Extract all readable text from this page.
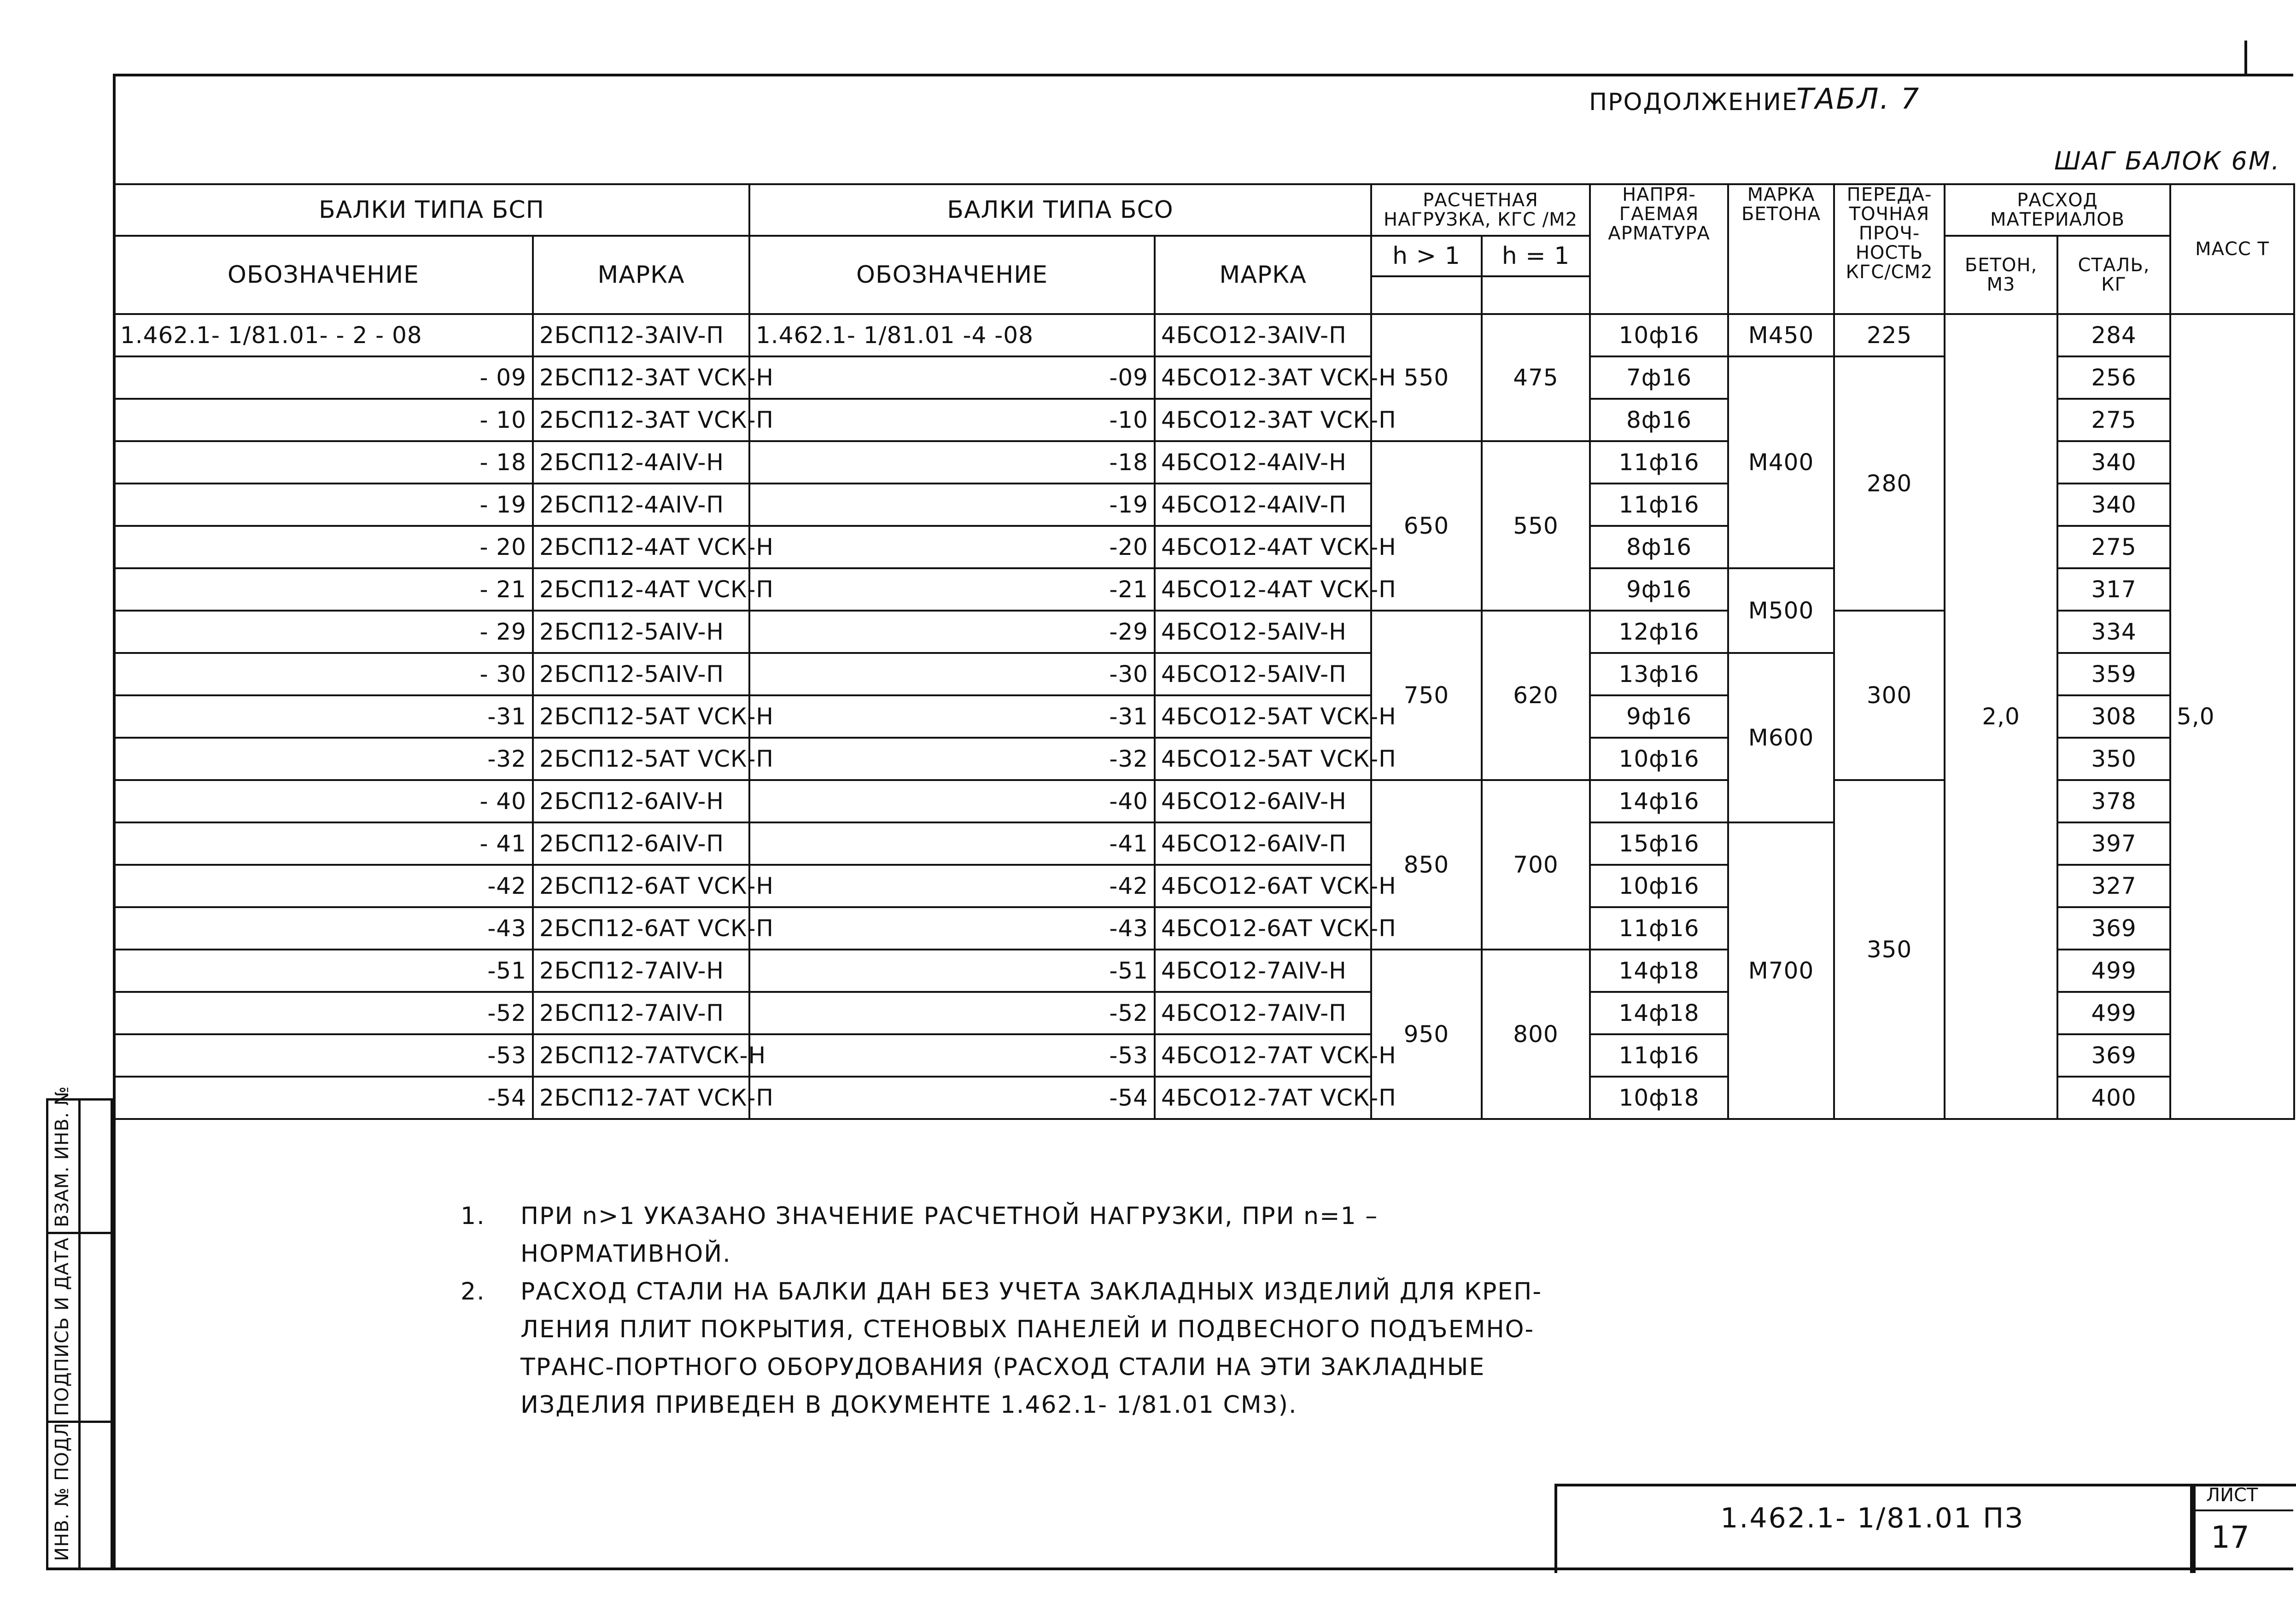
ПРОДОЛЖЕНИЕ
ТАБЛ. 7
ШАГ БАЛОК 6М.
БАЛКИ ТИПА БСП		БАЛКИ ТИПА БСО		РАСЧЕТНАЯ НАГРУЗКА, КГС /М2		НАПРЯ-ГАЕМАЯ АРМАТУРА	МАРКА БЕТОНА	ПЕРЕДА-ТОЧНАЯ ПРОЧ-НОСТЬ КГС/СМ2	РАСХОД МАТЕРИАЛОВ		МАСС Т
ОБОЗНАЧЕНИЕ	МАРКА	ОБОЗНАЧЕНИЕ	МАРКА	h > 1	h = 1				БЕТОН, М3	СТАЛЬ, КГ	

1.462.1- 1/81.01- - 2 - 08	2БСП12-3АIV-П	1.462.1- 1/81.01 -4 -08	4БСО12-3АIV-П	550	475	10ф16	М450	225	2,0	284	5,0
- 09	2БСП12-3АТ VСК-Н	-09	4БСО12-3АТ VСК-Н			7ф16	М400	280		256	
- 10	2БСП12-3АТ VСК-П	-10	4БСО12-3АТ VСК-П			8ф16				275	
- 18	2БСП12-4АIV-Н	-18	4БСО12-4АIV-Н	650	550	11ф16				340	
- 19	2БСП12-4АIV-П	-19	4БСО12-4АIV-П			11ф16				340	
- 20	2БСП12-4АТ VСК-Н	-20	4БСО12-4АТ VСК-Н			8ф16				275	
- 21	2БСП12-4АТ VСК-П	-21	4БСО12-4АТ VСК-П			9ф16	М500			317	
- 29	2БСП12-5АIV-Н	-29	4БСО12-5АIV-Н	750	620	12ф16		300		334	
- 30	2БСП12-5АIV-П	-30	4БСО12-5АIV-П			13ф16	М600			359	
-31	2БСП12-5АТ VСК-Н	-31	4БСО12-5АТ VСК-Н			9ф16				308	
-32	2БСП12-5АТ VСК-П	-32	4БСО12-5АТ VСК-П			10ф16				350	
- 40	2БСП12-6АIV-Н	-40	4БСО12-6АIV-Н	850	700	14ф16		350		378	
- 41	2БСП12-6АIV-П	-41	4БСО12-6АIV-П			15ф16	М700			397	
-42	2БСП12-6АТ VСК-Н	-42	4БСО12-6АТ VСК-Н			10ф16				327	
-43	2БСП12-6АТ VСК-П	-43	4БСО12-6АТ VСК-П			11ф16				369	
-51	2БСП12-7АIV-Н	-51	4БСО12-7АIV-Н	950	800	14ф18				499	
-52	2БСП12-7АIV-П	-52	4БСО12-7АIV-П			14ф18				499	
-53	2БСП12-7АТVСК-Н	-53	4БСО12-7АТ VСК-Н			11ф16				369	
-54	2БСП12-7АТ VСК-П	-54	4БСО12-7АТ VСК-П			10ф18				400	
1.	ПРИ n>1 УКАЗАНО ЗНАЧЕНИЕ РАСЧЕТНОЙ НАГРУЗКИ, ПРИ n=1 – НОРМАТИВНОЙ.
2.	РАСХОД СТАЛИ НА БАЛКИ ДАН БЕЗ УЧЕТА ЗАКЛАДНЫХ ИЗДЕЛИЙ ДЛЯ КРЕП-ЛЕНИЯ ПЛИТ ПОКРЫТИЯ, СТЕНОВЫХ ПАНЕЛЕЙ И ПОДВЕСНОГО ПОДЪЕМНО-ТРАНС-ПОРТНОГО ОБОРУДОВАНИЯ (РАСХОД СТАЛИ НА ЭТИ ЗАКЛАДНЫЕ ИЗДЕЛИЯ ПРИВЕДЕН В ДОКУМЕНТЕ 1.462.1- 1/81.01 СМ3).
1.462.1- 1/81.01 ПЗ
ЛИСТ
17
ИНВ. № ПОДЛ
ПОДПИСЬ И ДАТА
ВЗАМ. ИНВ. №
